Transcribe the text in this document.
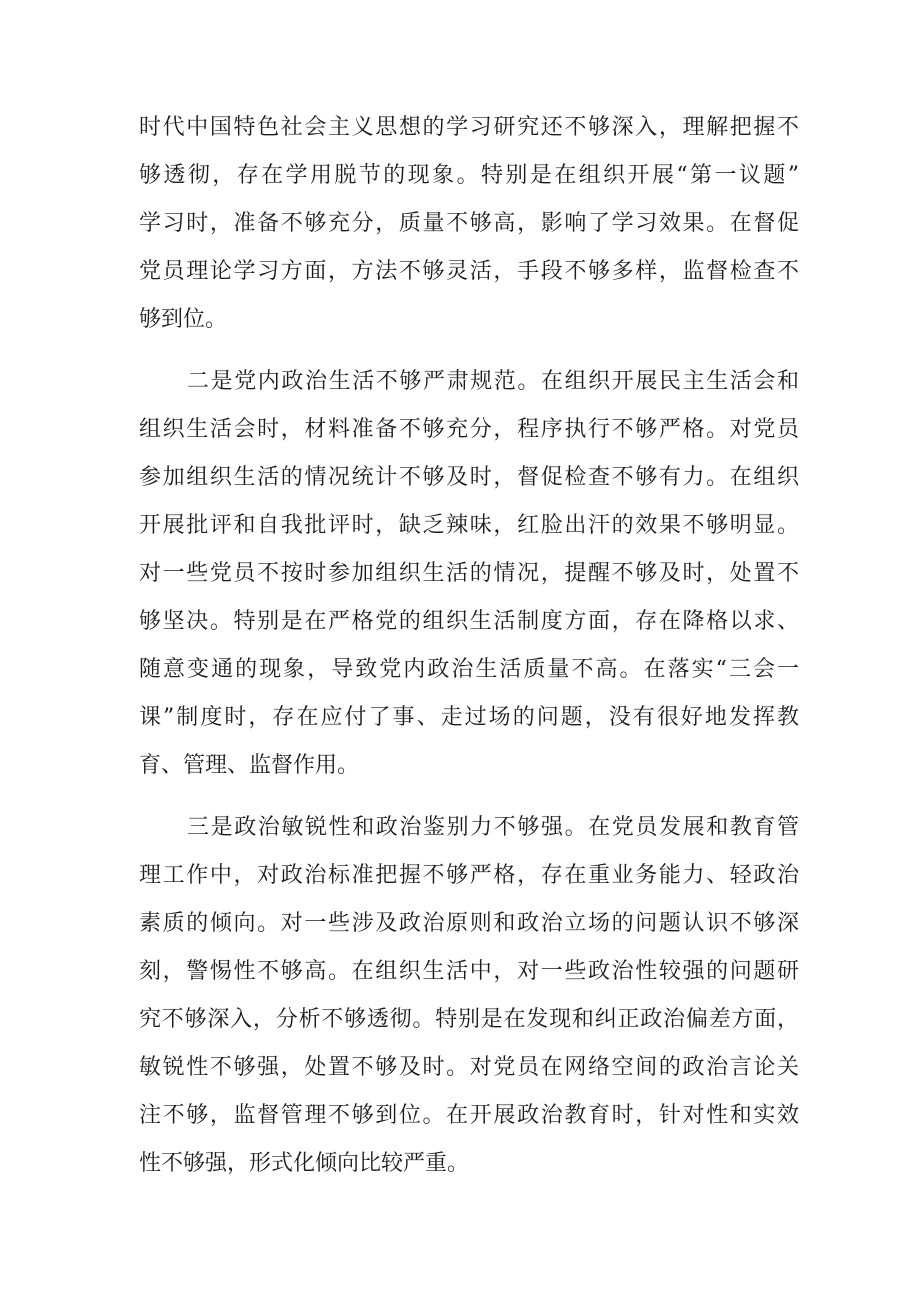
时代中国特色社会主义思想的学习研究还不够深入，理解把握不
够透彻，存在学用脱节的现象。特别是在组织开展“第一议题”
学习时，准备不够充分，质量不够高，影响了学习效果。在督促
党员理论学习方面，方法不够灵活，手段不够多样，监督检查不
够到位。
二是党内政治生活不够严肃规范。在组织开展民主生活会和
组织生活会时，材料准备不够充分，程序执行不够严格。对党员
参加组织生活的情况统计不够及时，督促检查不够有力。在组织
开展批评和自我批评时，缺乏辣味，红脸出汗的效果不够明显。
对一些党员不按时参加组织生活的情况，提醒不够及时，处置不
够坚决。特别是在严格党的组织生活制度方面，存在降格以求、
随意变通的现象，导致党内政治生活质量不高。在落实“三会一
课”制度时，存在应付了事、走过场的问题，没有很好地发挥教
育、管理、监督作用。
三是政治敏锐性和政治鉴别力不够强。在党员发展和教育管
理工作中，对政治标准把握不够严格，存在重业务能力、轻政治
素质的倾向。对一些涉及政治原则和政治立场的问题认识不够深
刻，警惕性不够高。在组织生活中，对一些政治性较强的问题研
究不够深入，分析不够透彻。特别是在发现和纠正政治偏差方面，
敏锐性不够强，处置不够及时。对党员在网络空间的政治言论关
注不够，监督管理不够到位。在开展政治教育时，针对性和实效
性不够强，形式化倾向比较严重。
